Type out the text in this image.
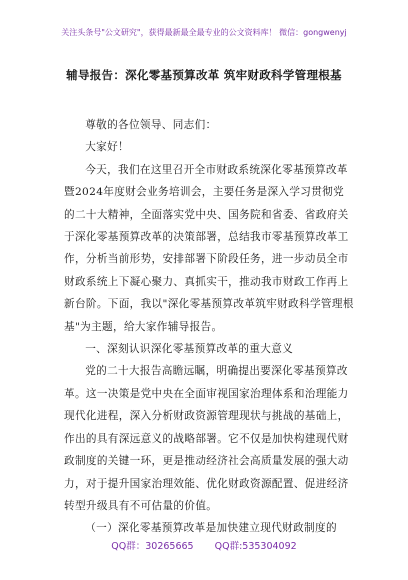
关注头条号"公文研究"，获得最新最全最专业的公文资料库！ 微信：gongwenyj
辅导报告：深化零基预算改革 筑牢财政科学管理根基

尊敬的各位领导、同志们：

大家好！

今天，我们在这里召开全市财政系统深化零基预算改革暨2024年度财会业务培训会，主要任务是深入学习贯彻党的二十大精神，全面落实党中央、国务院和省委、省政府关于深化零基预算改革的决策部署，总结我市零基预算改革工作，分析当前形势，安排部署下阶段任务，进一步动员全市财政系统上下凝心聚力、真抓实干，推动我市财政工作再上新台阶。下面，我以"深化零基预算改革筑牢财政科学管理根基"为主题，给大家作辅导报告。

一、深刻认识深化零基预算改革的重大意义

党的二十大报告高瞻远瞩，明确提出要深化零基预算改革。这一决策是党中央在全面审视国家治理体系和治理能力现代化进程，深入分析财政资源管理现状与挑战的基础上，作出的具有深远意义的战略部署。它不仅是加快构建现代财政制度的关键一环，更是推动经济社会高质量发展的强大动力，对于提升国家治理效能、优化财政资源配置、促进经济转型升级具有不可估量的价值。

（一）深化零基预算改革是加快建立现代财政制度的

QQ群：30265665 QQ群:535304092
